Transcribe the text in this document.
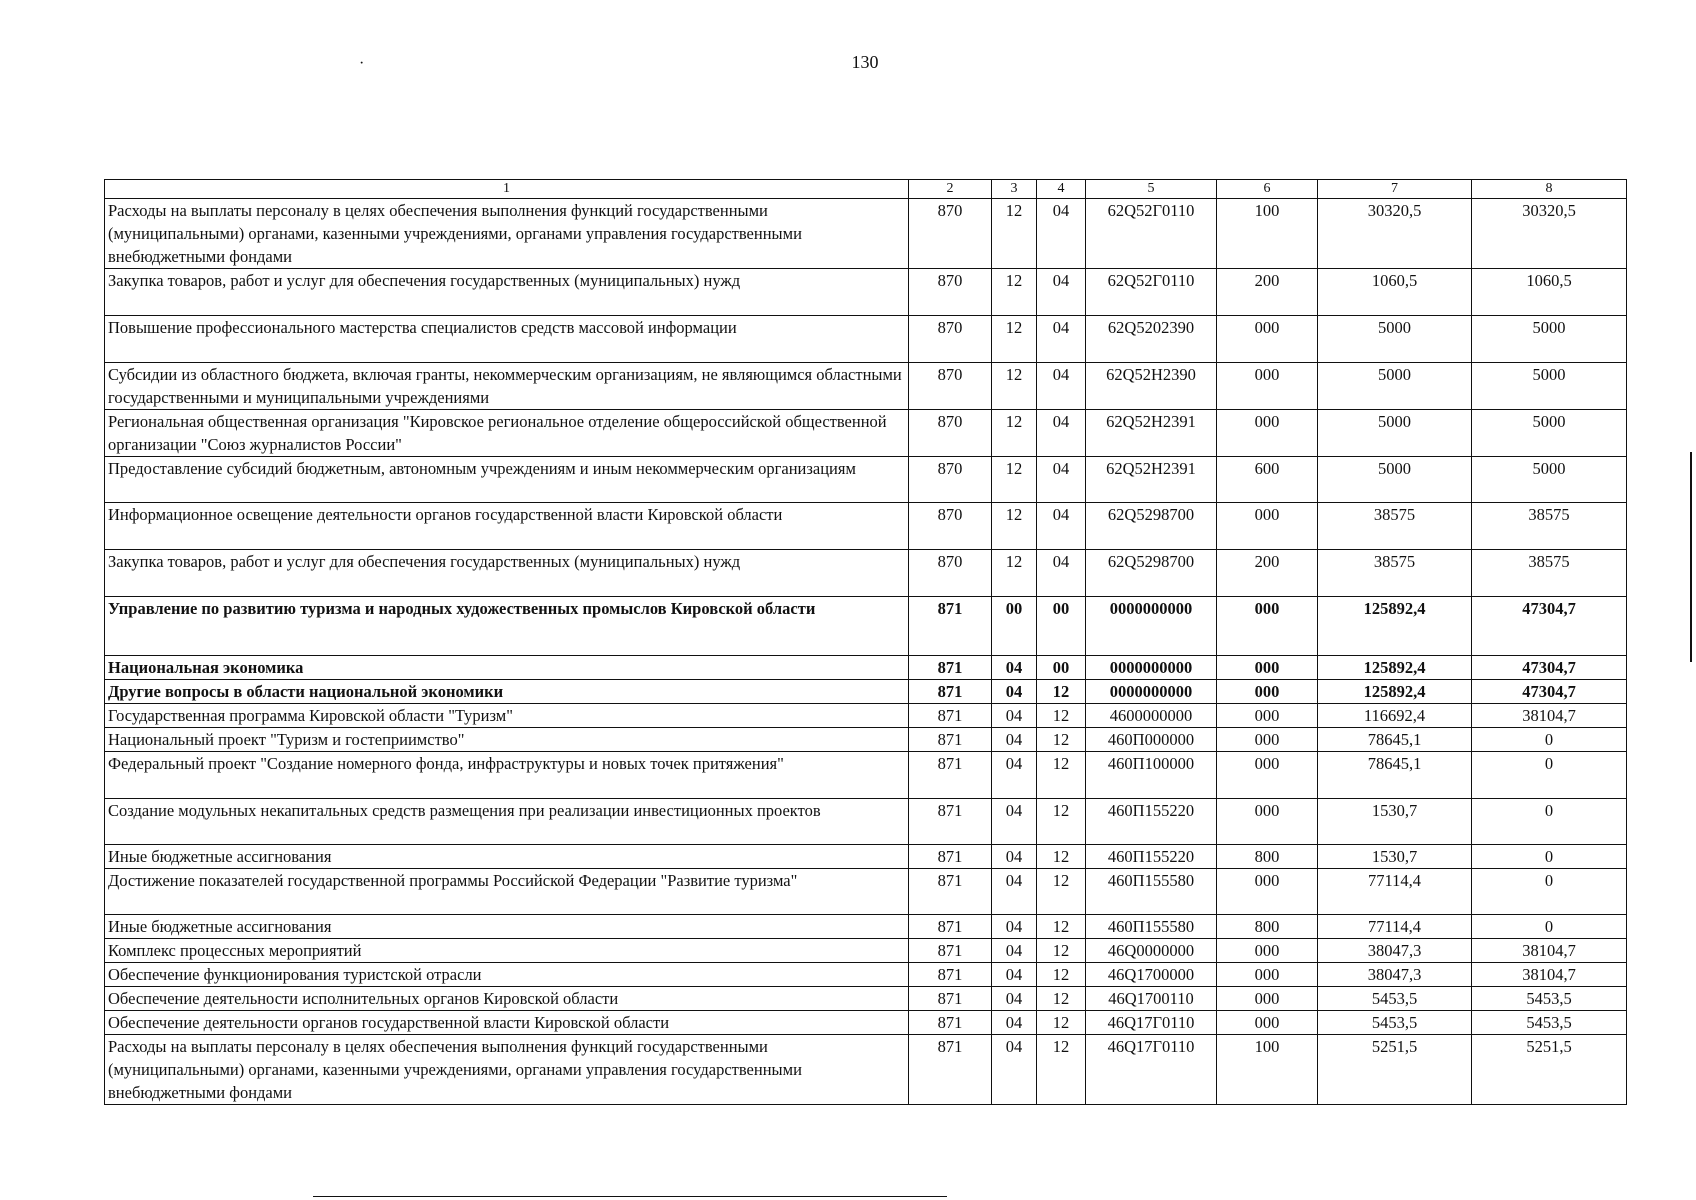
·	130
1	2	3	4	5	6	7	8
Расходы на выплаты персоналу в целях обеспечения выполнения функций государственными (муниципальными) органами, казенными учреждениями, органами управления государственными внебюджетными фондами	870	12	04	62Q52Г0110	100	30320,5	30320,5
Закупка товаров, работ и услуг для обеспечения государственных (муниципальных) нужд	870	12	04	62Q52Г0110	200	1060,5	1060,5
Повышение профессионального мастерства специалистов средств массовой информации	870	12	04	62Q5202390	000	5000	5000
Субсидии из областного бюджета, включая гранты, некоммерческим организациям, не являющимся областными государственными и муниципальными учреждениями	870	12	04	62Q52Н2390	000	5000	5000
Региональная общественная организация "Кировское региональное отделение общероссийской общественной организации "Союз журналистов России"	870	12	04	62Q52Н2391	000	5000	5000
Предоставление субсидий бюджетным, автономным учреждениям и иным некоммерческим организациям	870	12	04	62Q52Н2391	600	5000	5000
Информационное освещение деятельности органов государственной власти Кировской области	870	12	04	62Q5298700	000	38575	38575
Закупка товаров, работ и услуг для обеспечения государственных (муниципальных) нужд	870	12	04	62Q5298700	200	38575	38575
Управление по развитию туризма и народных художественных промыслов Кировской области	871	00	00	0000000000	000	125892,4	47304,7
Национальная экономика	871	04	00	0000000000	000	125892,4	47304,7
Другие вопросы в области национальной экономики	871	04	12	0000000000	000	125892,4	47304,7
Государственная программа Кировской области "Туризм"	871	04	12	4600000000	000	116692,4	38104,7
Национальный проект "Туризм и гостеприимство"	871	04	12	460П000000	000	78645,1	0
Федеральный проект "Создание номерного фонда, инфраструктуры и новых точек притяжения"	871	04	12	460П100000	000	78645,1	0
Создание модульных некапитальных средств размещения при реализации инвестиционных проектов	871	04	12	460П155220	000	1530,7	0
Иные бюджетные ассигнования	871	04	12	460П155220	800	1530,7	0
Достижение показателей государственной программы Российской Федерации "Развитие туризма"	871	04	12	460П155580	000	77114,4	0
Иные бюджетные ассигнования	871	04	12	460П155580	800	77114,4	0
Комплекс процессных мероприятий	871	04	12	46Q0000000	000	38047,3	38104,7
Обеспечение функционирования туристской отрасли	871	04	12	46Q1700000	000	38047,3	38104,7
Обеспечение деятельности исполнительных органов Кировской области	871	04	12	46Q1700110	000	5453,5	5453,5
Обеспечение деятельности органов государственной власти Кировской области	871	04	12	46Q17Г0110	000	5453,5	5453,5
Расходы на выплаты персоналу в целях обеспечения выполнения функций государственными (муниципальными) органами, казенными учреждениями, органами управления государственными внебюджетными фондами	871	04	12	46Q17Г0110	100	5251,5	5251,5
